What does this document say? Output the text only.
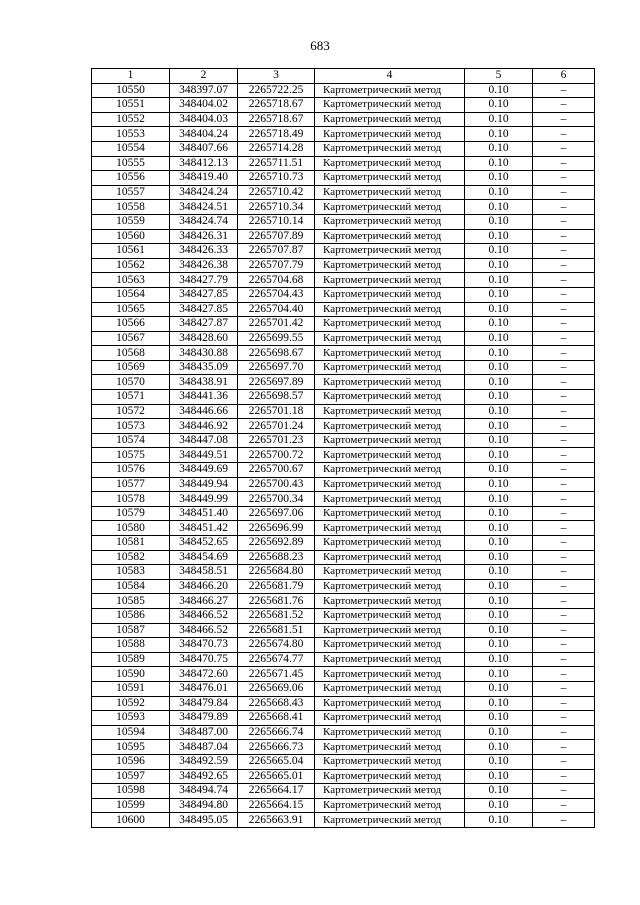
683
1	2	3	4	5	6
10550	348397.07	2265722.25	Картометрический метод	0.10	–
10551	348404.02	2265718.67	Картометрический метод	0.10	–
10552	348404.03	2265718.67	Картометрический метод	0.10	–
10553	348404.24	2265718.49	Картометрический метод	0.10	–
10554	348407.66	2265714.28	Картометрический метод	0.10	–
10555	348412.13	2265711.51	Картометрический метод	0.10	–
10556	348419.40	2265710.73	Картометрический метод	0.10	–
10557	348424.24	2265710.42	Картометрический метод	0.10	–
10558	348424.51	2265710.34	Картометрический метод	0.10	–
10559	348424.74	2265710.14	Картометрический метод	0.10	–
10560	348426.31	2265707.89	Картометрический метод	0.10	–
10561	348426.33	2265707.87	Картометрический метод	0.10	–
10562	348426.38	2265707.79	Картометрический метод	0.10	–
10563	348427.79	2265704.68	Картометрический метод	0.10	–
10564	348427.85	2265704.43	Картометрический метод	0.10	–
10565	348427.85	2265704.40	Картометрический метод	0.10	–
10566	348427.87	2265701.42	Картометрический метод	0.10	–
10567	348428.60	2265699.55	Картометрический метод	0.10	–
10568	348430.88	2265698.67	Картометрический метод	0.10	–
10569	348435.09	2265697.70	Картометрический метод	0.10	–
10570	348438.91	2265697.89	Картометрический метод	0.10	–
10571	348441.36	2265698.57	Картометрический метод	0.10	–
10572	348446.66	2265701.18	Картометрический метод	0.10	–
10573	348446.92	2265701.24	Картометрический метод	0.10	–
10574	348447.08	2265701.23	Картометрический метод	0.10	–
10575	348449.51	2265700.72	Картометрический метод	0.10	–
10576	348449.69	2265700.67	Картометрический метод	0.10	–
10577	348449.94	2265700.43	Картометрический метод	0.10	–
10578	348449.99	2265700.34	Картометрический метод	0.10	–
10579	348451.40	2265697.06	Картометрический метод	0.10	–
10580	348451.42	2265696.99	Картометрический метод	0.10	–
10581	348452.65	2265692.89	Картометрический метод	0.10	–
10582	348454.69	2265688.23	Картометрический метод	0.10	–
10583	348458.51	2265684.80	Картометрический метод	0.10	–
10584	348466.20	2265681.79	Картометрический метод	0.10	–
10585	348466.27	2265681.76	Картометрический метод	0.10	–
10586	348466.52	2265681.52	Картометрический метод	0.10	–
10587	348466.52	2265681.51	Картометрический метод	0.10	–
10588	348470.73	2265674.80	Картометрический метод	0.10	–
10589	348470.75	2265674.77	Картометрический метод	0.10	–
10590	348472.60	2265671.45	Картометрический метод	0.10	–
10591	348476.01	2265669.06	Картометрический метод	0.10	–
10592	348479.84	2265668.43	Картометрический метод	0.10	–
10593	348479.89	2265668.41	Картометрический метод	0.10	–
10594	348487.00	2265666.74	Картометрический метод	0.10	–
10595	348487.04	2265666.73	Картометрический метод	0.10	–
10596	348492.59	2265665.04	Картометрический метод	0.10	–
10597	348492.65	2265665.01	Картометрический метод	0.10	–
10598	348494.74	2265664.17	Картометрический метод	0.10	–
10599	348494.80	2265664.15	Картометрический метод	0.10	–
10600	348495.05	2265663.91	Картометрический метод	0.10	–
